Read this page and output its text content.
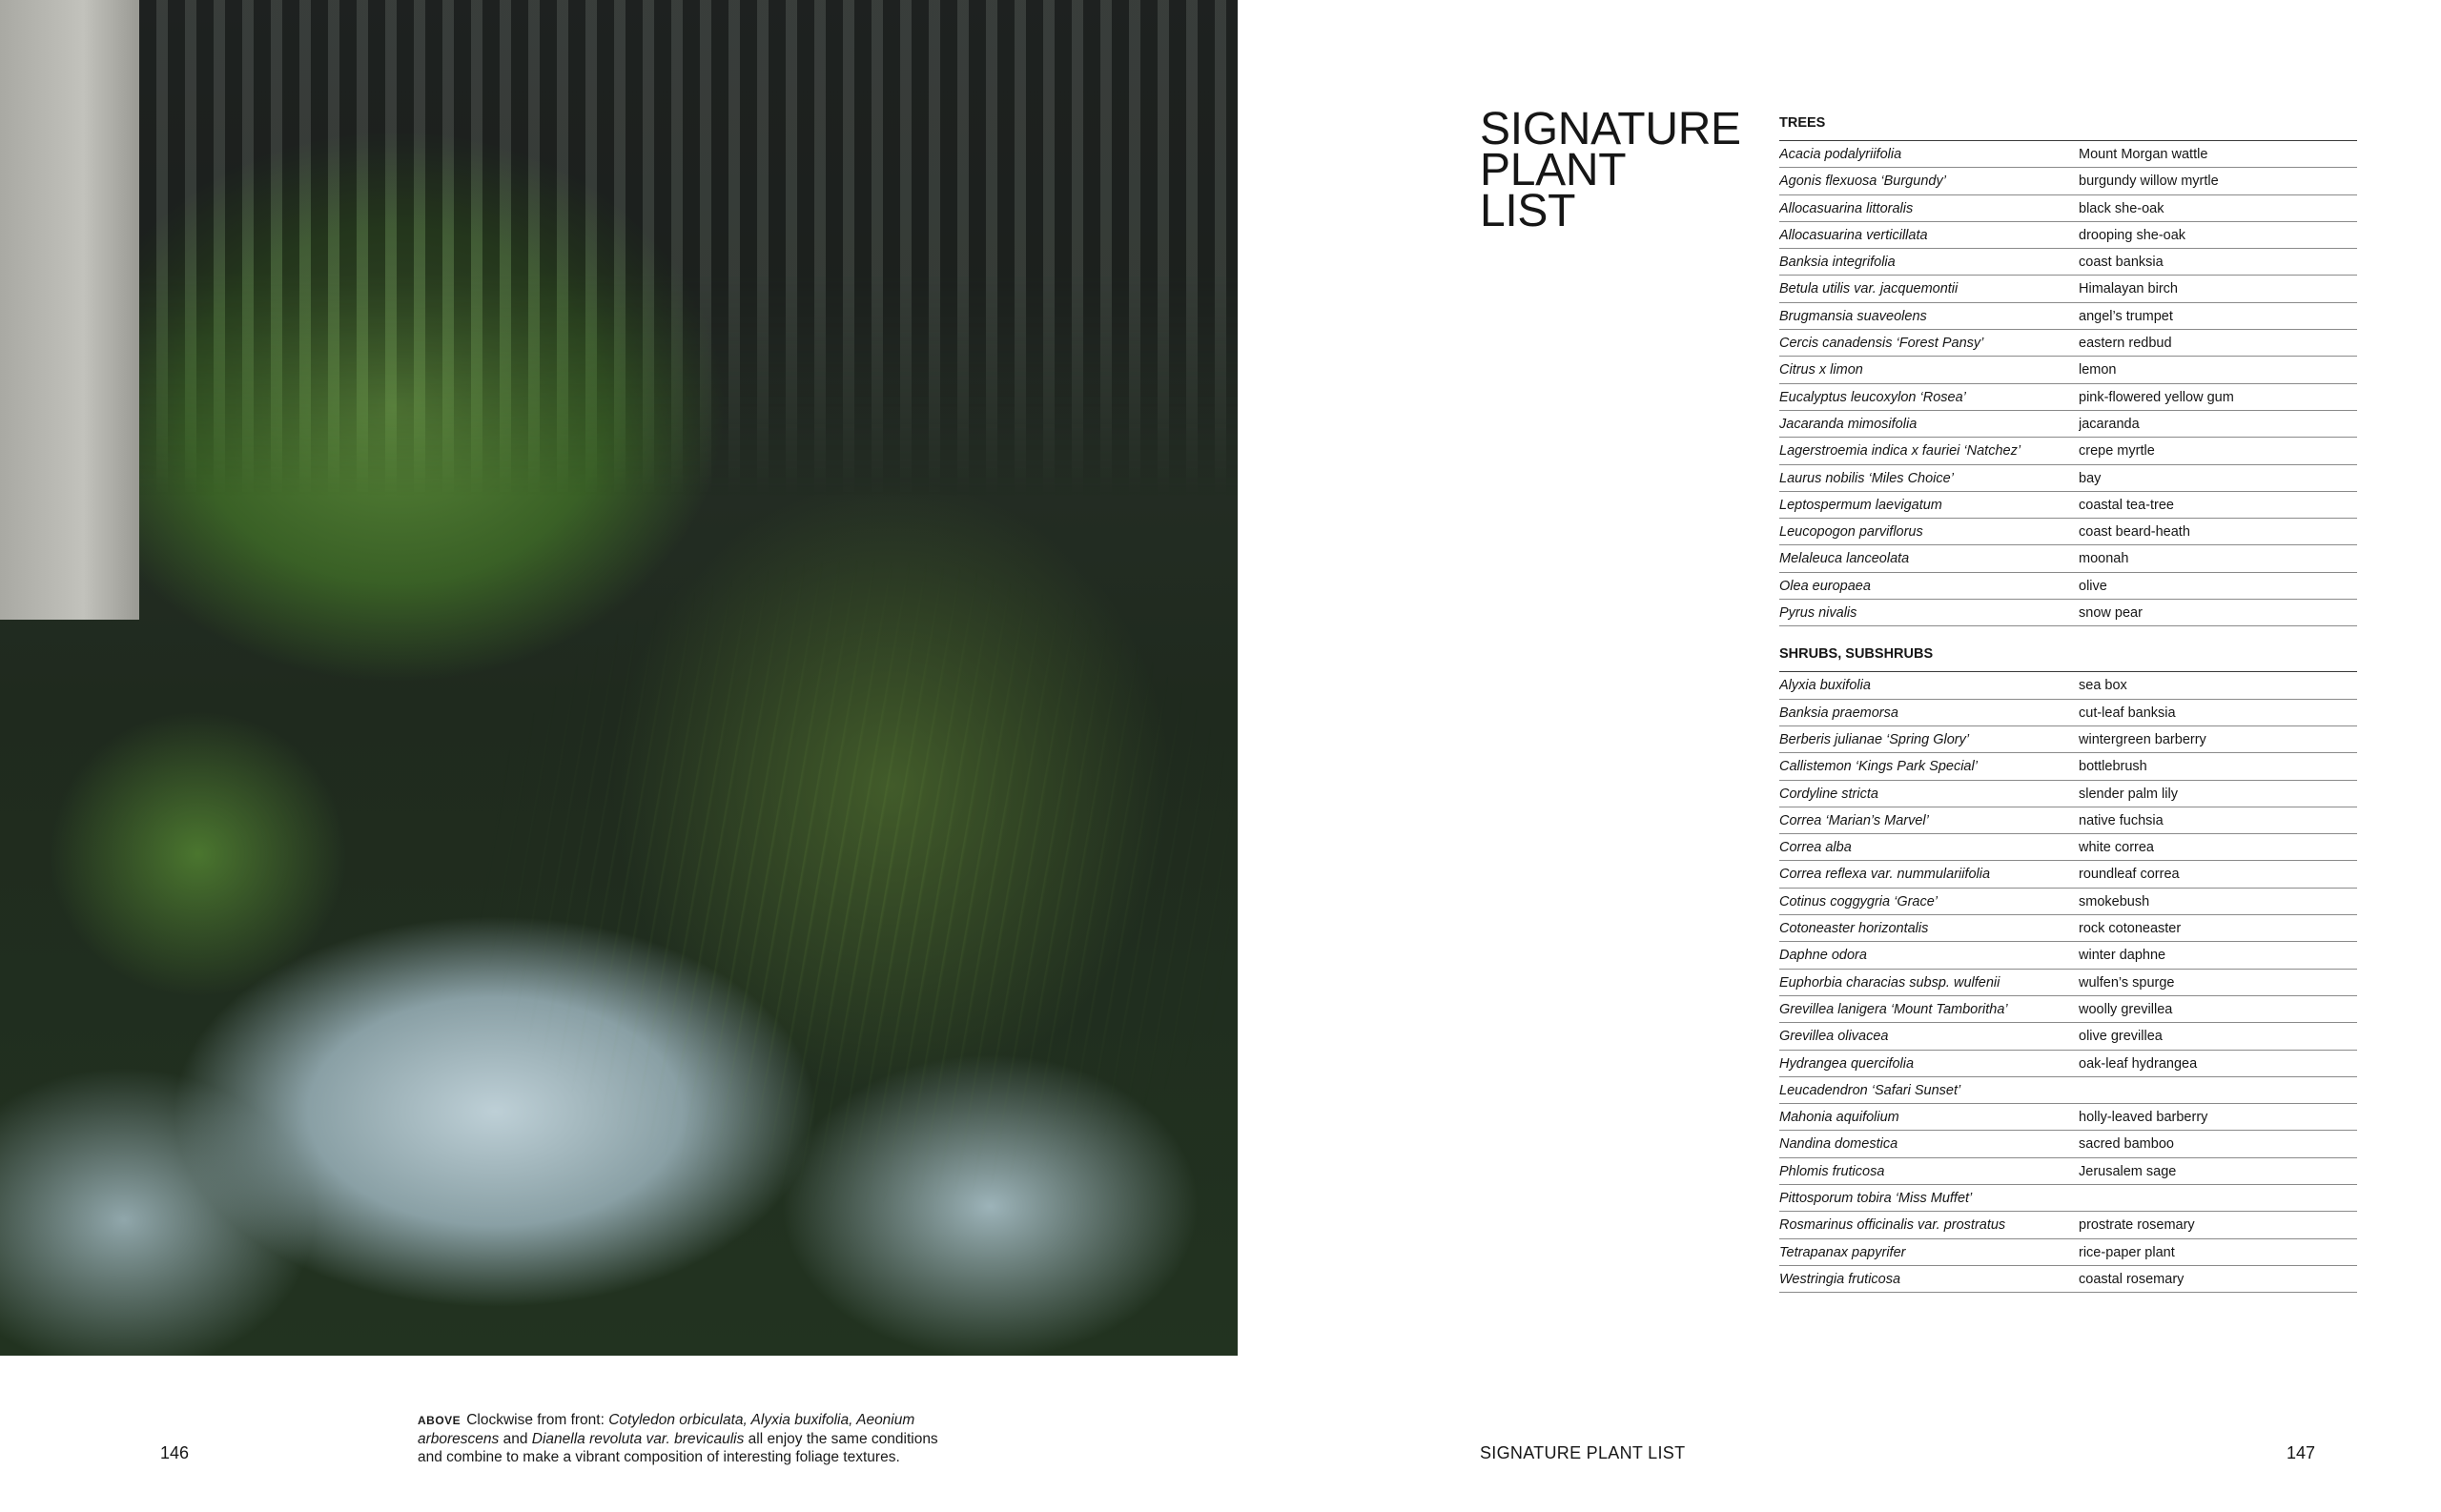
146
ABOVE Clockwise from front: Cotyledon orbiculata, Alyxia buxifolia, Aeonium arborescens and Dianella revoluta var. brevicaulis all enjoy the same conditions and combine to make a vibrant composition of interesting foliage textures.
SIGNATURE
PLANT LIST
TREES
Acacia podalyriifolia	Mount Morgan wattle
Agonis flexuosa ‘Burgundy’	burgundy willow myrtle
Allocasuarina littoralis	black she-oak
Allocasuarina verticillata	drooping she-oak
Banksia integrifolia	coast banksia
Betula utilis var. jacquemontii	Himalayan birch
Brugmansia suaveolens	angel’s trumpet
Cercis canadensis ‘Forest Pansy’	eastern redbud
Citrus x limon	lemon
Eucalyptus leucoxylon ‘Rosea’	pink-flowered yellow gum
Jacaranda mimosifolia	jacaranda
Lagerstroemia indica x fauriei ‘Natchez’	crepe myrtle
Laurus nobilis ‘Miles Choice’	bay
Leptospermum laevigatum	coastal tea-tree
Leucopogon parviflorus	coast beard-heath
Melaleuca lanceolata	moonah
Olea europaea	olive
Pyrus nivalis	snow pear
SHRUBS, SUBSHRUBS
Alyxia buxifolia	sea box
Banksia praemorsa	cut-leaf banksia
Berberis julianae ‘Spring Glory’	wintergreen barberry
Callistemon ‘Kings Park Special’	bottlebrush
Cordyline stricta	slender palm lily
Correa ‘Marian’s Marvel’	native fuchsia
Correa alba	white correa
Correa reflexa var. nummulariifolia	roundleaf correa
Cotinus coggygria ‘Grace’	smokebush
Cotoneaster horizontalis	rock cotoneaster
Daphne odora	winter daphne
Euphorbia characias subsp. wulfenii	wulfen’s spurge
Grevillea lanigera ‘Mount Tamboritha’	woolly grevillea
Grevillea olivacea	olive grevillea
Hydrangea quercifolia	oak-leaf hydrangea
Leucadendron ‘Safari Sunset’
Mahonia aquifolium	holly-leaved barberry
Nandina domestica	sacred bamboo
Phlomis fruticosa	Jerusalem sage
Pittosporum tobira ‘Miss Muffet’
Rosmarinus officinalis var. prostratus	prostrate rosemary
Tetrapanax papyrifer	rice-paper plant
Westringia fruticosa	coastal rosemary
SIGNATURE PLANT LIST	147
